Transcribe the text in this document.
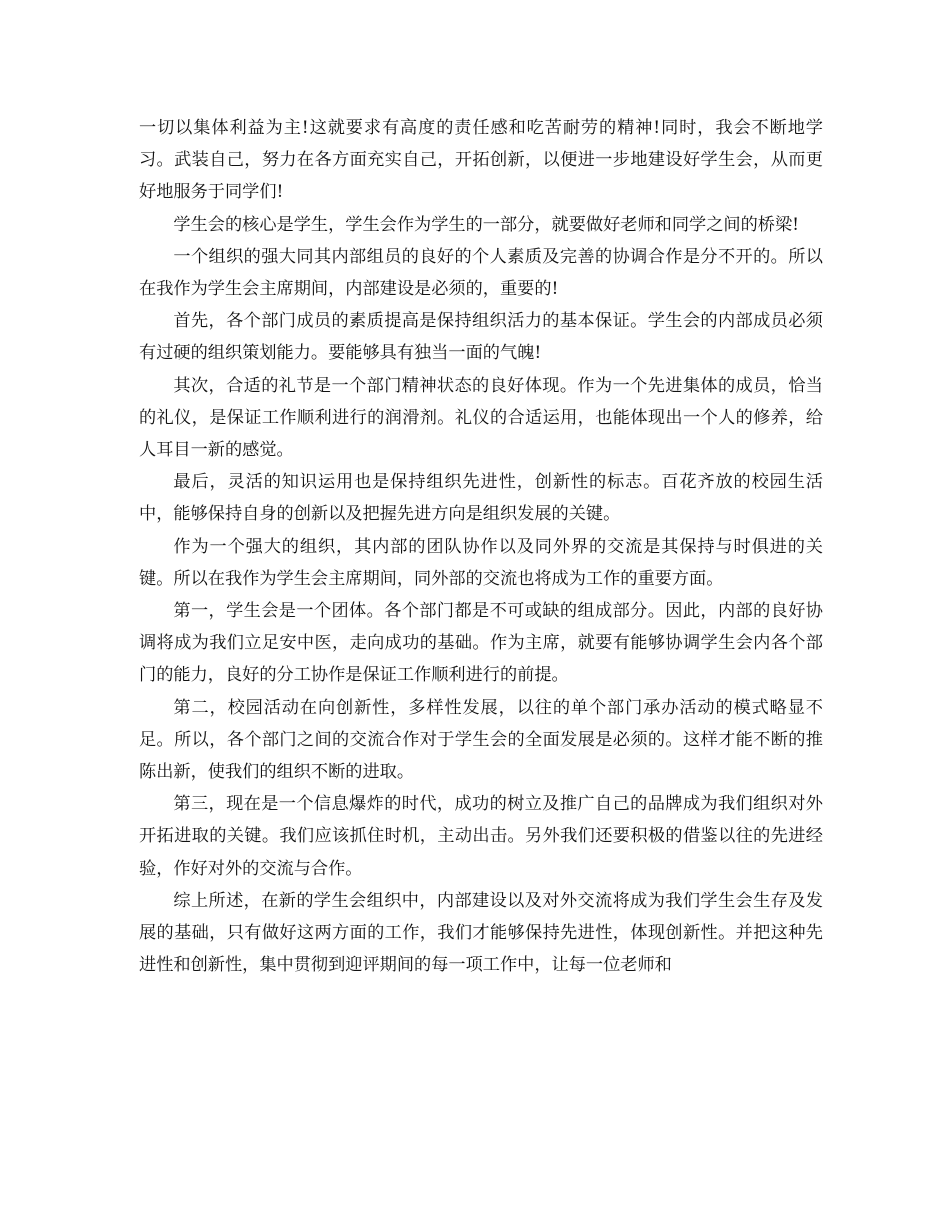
一切以集体利益为主!这就要求有高度的责任感和吃苦耐劳的精神!同时，我会不断地学习。武装自己，努力在各方面充实自己，开拓创新，以便进一步地建设好学生会，从而更好地服务于同学们!

学生会的核心是学生，学生会作为学生的一部分，就要做好老师和同学之间的桥梁!

一个组织的强大同其内部组员的良好的个人素质及完善的协调合作是分不开的。所以在我作为学生会主席期间，内部建设是必须的，重要的!

首先，各个部门成员的素质提高是保持组织活力的基本保证。学生会的内部成员必须有过硬的组织策划能力。要能够具有独当一面的气魄!

其次，合适的礼节是一个部门精神状态的良好体现。作为一个先进集体的成员，恰当的礼仪，是保证工作顺利进行的润滑剂。礼仪的合适运用，也能体现出一个人的修养，给人耳目一新的感觉。

最后，灵活的知识运用也是保持组织先进性，创新性的标志。百花齐放的校园生活中，能够保持自身的创新以及把握先进方向是组织发展的关键。

作为一个强大的组织，其内部的团队协作以及同外界的交流是其保持与时俱进的关键。所以在我作为学生会主席期间，同外部的交流也将成为工作的重要方面。

第一，学生会是一个团体。各个部门都是不可或缺的组成部分。因此，内部的良好协调将成为我们立足安中医，走向成功的基础。作为主席，就要有能够协调学生会内各个部门的能力，良好的分工协作是保证工作顺利进行的前提。

第二，校园活动在向创新性，多样性发展，以往的单个部门承办活动的模式略显不足。所以，各个部门之间的交流合作对于学生会的全面发展是必须的。这样才能不断的推陈出新，使我们的组织不断的进取。

第三，现在是一个信息爆炸的时代，成功的树立及推广自己的品牌成为我们组织对外开拓进取的关键。我们应该抓住时机，主动出击。另外我们还要积极的借鉴以往的先进经验，作好对外的交流与合作。

综上所述，在新的学生会组织中，内部建设以及对外交流将成为我们学生会生存及发展的基础，只有做好这两方面的工作，我们才能够保持先进性，体现创新性。并把这种先进性和创新性，集中贯彻到迎评期间的每一项工作中，让每一位老师和
